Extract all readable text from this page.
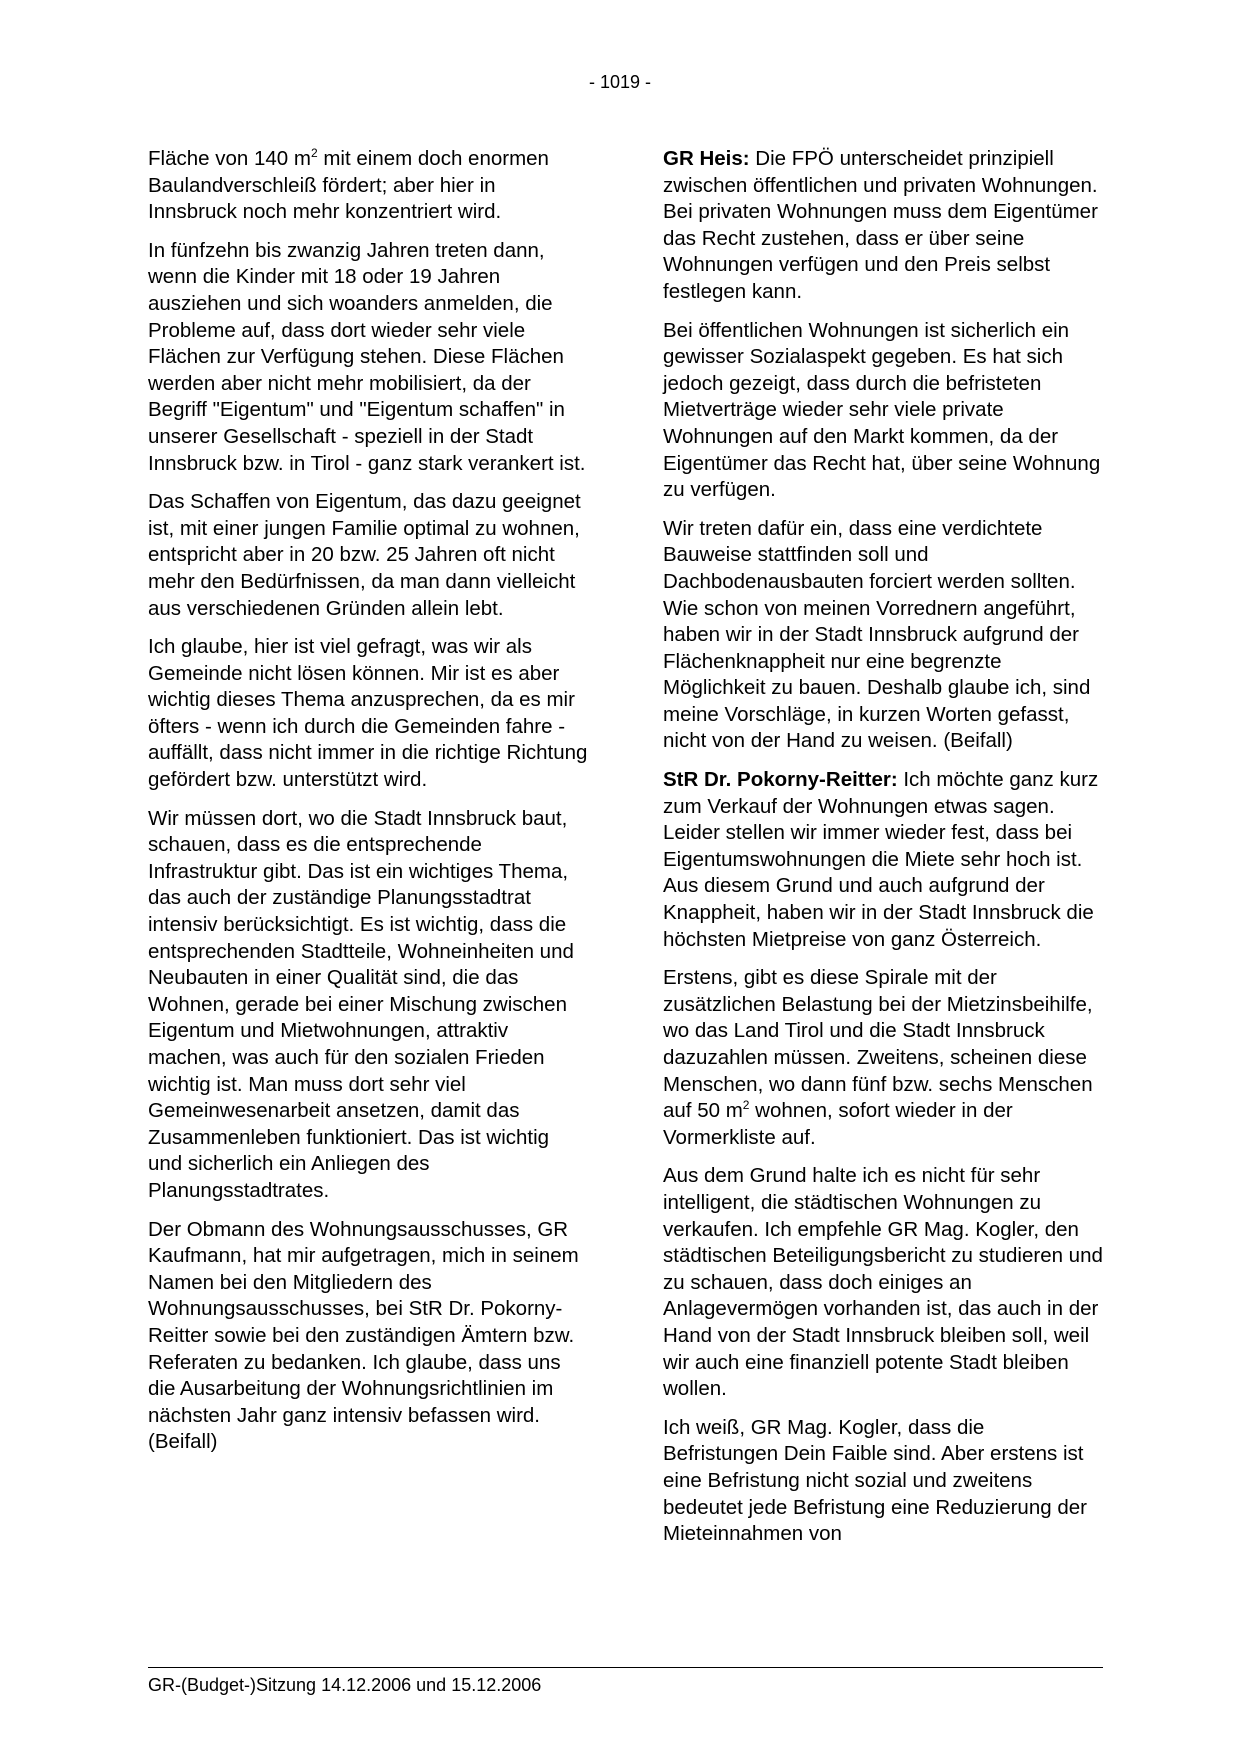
- 1019 -

Fläche von 140 $m^2$ mit einem doch enormen Baulandverschleiß fördert; aber hier in Innsbruck noch mehr konzentriert wird.

In fünfzehn bis zwanzig Jahren treten dann, wenn die Kinder mit 18 oder 19 Jahren ausziehen und sich woanders anmelden, die Probleme auf, dass dort wieder sehr viele Flächen zur Verfügung stehen. Diese Flächen werden aber nicht mehr mobilisiert, da der Begriff "Eigentum" und "Eigentum schaffen" in unserer Gesellschaft - speziell in der Stadt Innsbruck bzw. in Tirol - ganz stark verankert ist.

Das Schaffen von Eigentum, das dazu geeignet ist, mit einer jungen Familie optimal zu wohnen, entspricht aber in 20 bzw. 25 Jahren oft nicht mehr den Bedürfnissen, da man dann vielleicht aus verschiedenen Gründen allein lebt.

Ich glaube, hier ist viel gefragt, was wir als Gemeinde nicht lösen können. Mir ist es aber wichtig dieses Thema anzusprechen, da es mir öfters - wenn ich durch die Gemeinden fahre - auffällt, dass nicht immer in die richtige Richtung gefördert bzw. unterstützt wird.

Wir müssen dort, wo die Stadt Innsbruck baut, schauen, dass es die entsprechende Infrastruktur gibt. Das ist ein wichtiges Thema, das auch der zuständige Planungsstadtrat intensiv berücksichtigt. Es ist wichtig, dass die entsprechenden Stadtteile, Wohneinheiten und Neubauten in einer Qualität sind, die das Wohnen, gerade bei einer Mischung zwischen Eigentum und Mietwohnungen, attraktiv machen, was auch für den sozialen Frieden wichtig ist. Man muss dort sehr viel Gemeinwesenarbeit ansetzen, damit das Zusammenleben funktioniert. Das ist wichtig und sicherlich ein Anliegen des Planungsstadtrates.

Der Obmann des Wohnungsausschusses, GR Kaufmann, hat mir aufgetragen, mich in seinem Namen bei den Mitgliedern des Wohnungsausschusses, bei StR Dr. Pokorny-Reitter sowie bei den zuständigen Ämtern bzw. Referaten zu bedanken. Ich glaube, dass uns die Ausarbeitung der Wohnungsrichtlinien im nächsten Jahr ganz intensiv befassen wird. (Beifall)

GR Heis: Die FPÖ unterscheidet prinzipiell zwischen öffentlichen und privaten Wohnungen. Bei privaten Wohnungen muss dem Eigentümer das Recht zustehen, dass er über seine Wohnungen verfügen und den Preis selbst festlegen kann.

Bei öffentlichen Wohnungen ist sicherlich ein gewisser Sozialaspekt gegeben. Es hat sich jedoch gezeigt, dass durch die befristeten Mietverträge wieder sehr viele private Wohnungen auf den Markt kommen, da der Eigentümer das Recht hat, über seine Wohnung zu verfügen.

Wir treten dafür ein, dass eine verdichtete Bauweise stattfinden soll und Dachbodenausbauten forciert werden sollten. Wie schon von meinen Vorrednern angeführt, haben wir in der Stadt Innsbruck aufgrund der Flächenknappheit nur eine begrenzte Möglichkeit zu bauen. Deshalb glaube ich, sind meine Vorschläge, in kurzen Worten gefasst, nicht von der Hand zu weisen. (Beifall)

StR Dr. Pokorny-Reitter: Ich möchte ganz kurz zum Verkauf der Wohnungen etwas sagen. Leider stellen wir immer wieder fest, dass bei Eigentumswohnungen die Miete sehr hoch ist. Aus diesem Grund und auch aufgrund der Knappheit, haben wir in der Stadt Innsbruck die höchsten Mietpreise von ganz Österreich.

Erstens, gibt es diese Spirale mit der zusätzlichen Belastung bei der Mietzinsbeihilfe, wo das Land Tirol und die Stadt Innsbruck dazuzahlen müssen. Zweitens, scheinen diese Menschen, wo dann fünf bzw. sechs Menschen auf 50 $m^2$ wohnen, sofort wieder in der Vormerkliste auf.

Aus dem Grund halte ich es nicht für sehr intelligent, die städtischen Wohnungen zu verkaufen. Ich empfehle GR Mag. Kogler, den städtischen Beteiligungsbericht zu studieren und zu schauen, dass doch einiges an Anlagevermögen vorhanden ist, das auch in der Hand von der Stadt Innsbruck bleiben soll, weil wir auch eine finanziell potente Stadt bleiben wollen.

Ich weiß, GR Mag. Kogler, dass die Befristungen Dein Faible sind. Aber erstens ist eine Befristung nicht sozial und zweitens bedeutet jede Befristung eine Reduzierung der Mieteinnahmen von

GR-(Budget-)Sitzung 14.12.2006 und 15.12.2006
